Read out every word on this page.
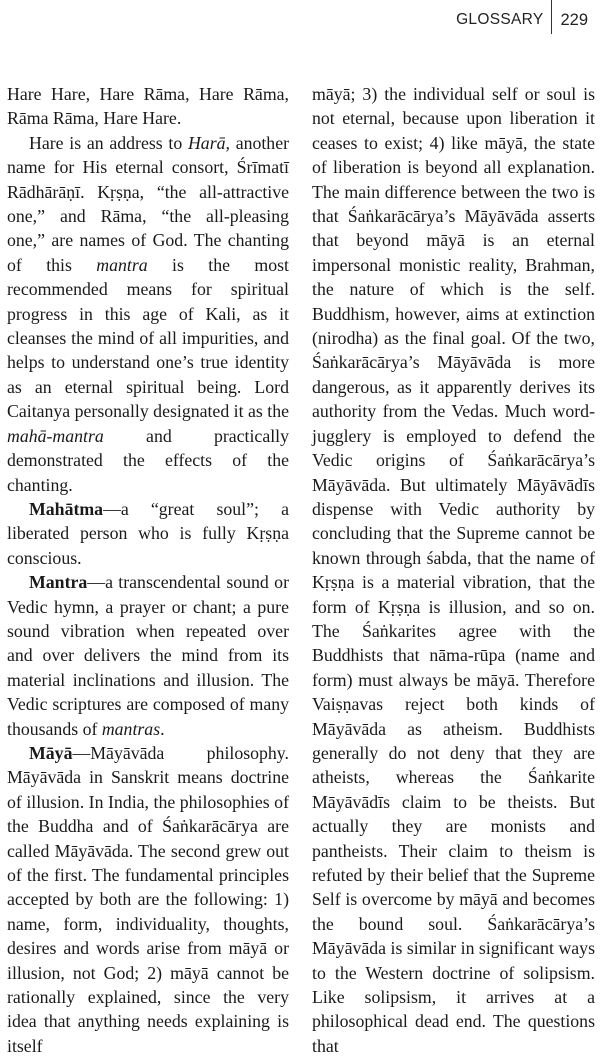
GLOSSARY	229

Hare Hare, Hare Rāma, Hare Rāma, Rāma Rāma, Hare Hare.

Hare is an address to Harā, another name for His eternal consort, Śrīmatī Rādhārāṇī. Kṛṣṇa, “the all-attractive one,” and Rāma, “the all-pleasing one,” are names of God. The chanting of this mantra is the most recommended means for spiritual progress in this age of Kali, as it cleanses the mind of all impurities, and helps to understand one’s true identity as an eternal spiritual being. Lord Caitanya personally designated it as the mahā-mantra and practically demonstrated the effects of the chanting.

Mahātma—a “great soul”; a liberated person who is fully Kṛṣṇa conscious.

Mantra—a transcendental sound or Vedic hymn, a prayer or chant; a pure sound vibration when repeated over and over delivers the mind from its material inclinations and illusion. The Vedic scriptures are composed of many thousands of mantras.

Māyā—Māyāvāda philosophy. Māyāvāda in Sanskrit means doctrine of illusion. In India, the philosophies of the Buddha and of Śaṅkarācārya are called Māyāvāda. The second grew out of the first. The fundamental principles accepted by both are the following: 1) name, form, individuality, thoughts, desires and words arise from māyā or illusion, not God; 2) māyā cannot be rationally explained, since the very idea that anything needs explaining is itself

māyā; 3) the individual self or soul is not eternal, because upon liberation it ceases to exist; 4) like māyā, the state of liberation is beyond all explanation. The main difference between the two is that Śaṅkarācārya’s Māyāvāda asserts that beyond māyā is an eternal impersonal monistic reality, Brahman, the nature of which is the self. Buddhism, however, aims at extinction (nirodha) as the final goal. Of the two, Śaṅkarācārya’s Māyāvāda is more dangerous, as it apparently derives its authority from the Vedas. Much word-jugglery is employed to defend the Vedic origins of Śaṅkarācārya’s Māyāvāda. But ultimately Māyāvādīs dispense with Vedic authority by concluding that the Supreme cannot be known through śabda, that the name of Kṛṣṇa is a material vibration, that the form of Kṛṣṇa is illusion, and so on. The Śaṅkarites agree with the Buddhists that nāma-rūpa (name and form) must always be māyā. Therefore Vaiṣṇavas reject both kinds of Māyāvāda as atheism. Buddhists generally do not deny that they are atheists, whereas the Śaṅkarite Māyāvādīs claim to be theists. But actually they are monists and pantheists. Their claim to theism is refuted by their belief that the Supreme Self is overcome by māyā and becomes the bound soul. Śaṅkarācārya’s Māyāvāda is similar in significant ways to the Western doctrine of solipsism. Like solipsism, it arrives at a philosophical dead end. The questions that
